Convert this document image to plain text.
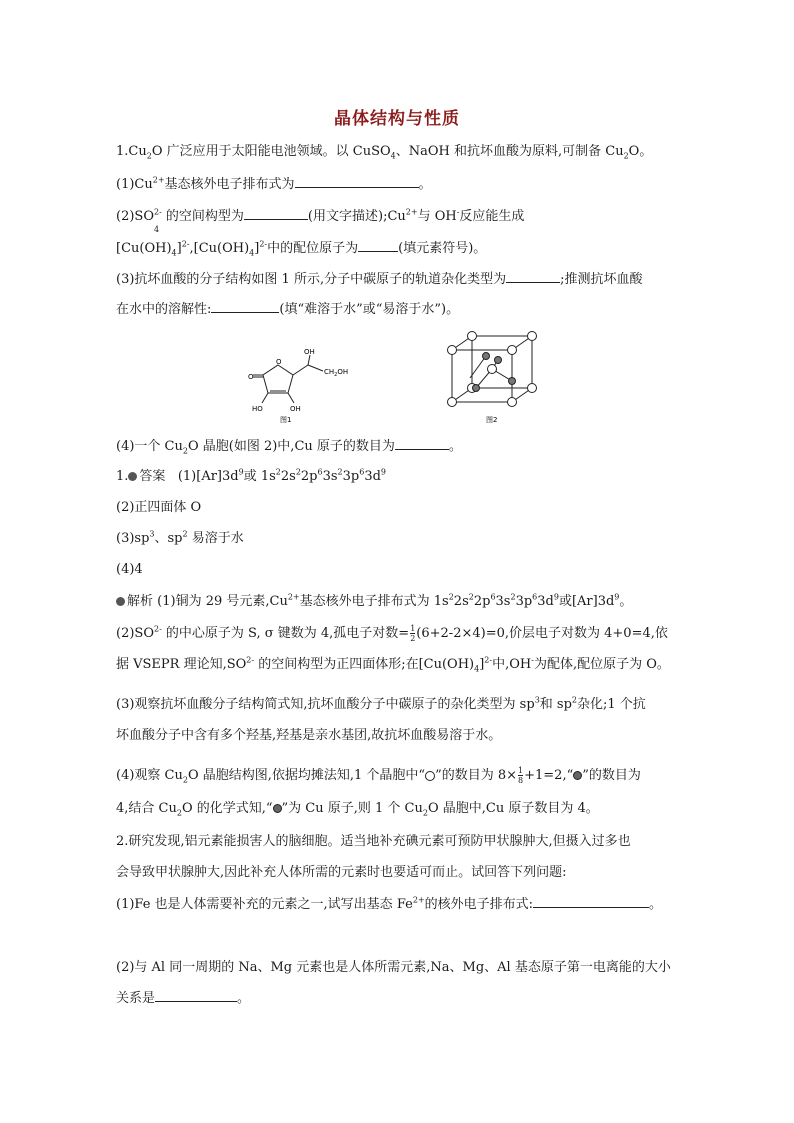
晶体结构与性质
$1.Cu_2O$ 广泛应用于太阳能电池领域。以 CuSO$_4$、NaOH 和抗坏血酸为原料,可制备 $Cu_2O$。
$(1)Cu^{2+}$基态核外电子排布式为	。
$(2)SO^{2-}$
4
的空间构型为	(用文字描述)$;Cu^{2+}$与 OH-反应能生成
$[Cu(OH)_4]^{2-},[Cu(OH)_4]^{2-}$中的配位原子为	(填元素符号)。
(3)抗坏血酸的分子结构如图 1 所示,分子中碳原子的轨道杂化类型为	;推测抗坏血酸
在水中的溶解性:	(填“难溶于水”或“易溶于水”)。
O
O
OH
$CH_2OH$
HO	OH
图1	图2
(4)一个 $Cu_2O$ 晶胞(如图 2)中,Cu 原子的数目为	。
1. 答案 $(1)[Ar]3d^9$或 $1s^22s^22p^63s^23p^63d^9$
(2)正四面体 O
$(3)sp^3$、$sp^2$ 易溶于水
(4)4
解析 (1)铜为 29 号元素$,Cu^{2+}$基态核外电子排布式为 $1s^22s^22p^63s^23p^63d^9$或$[Ar]3d^9$。
$(2)SO^{2-}$ 的中心原子为 S, σ 键数为 4,孤电子对数= $\frac{1}{2} (6+2-2\times 4)=0$,价层电子对数为 4+0=4,依
据 VSEPR 理论知$,SO^{2-}$ 的空间构型为正四面体形;在$[Cu(OH)_4]^{2-}$中,OH-为配体,配位原子为 O。
(3)观察抗坏血酸分子结构简式知,抗坏血酸分子中碳原子的杂化类型为 $sp^3$和 $sp^2$杂化;1 个抗
坏血酸分子中含有多个羟基,羟基是亲水基团,故抗坏血酸易溶于水。
(4)观察 $Cu_2O$ 晶胞结构图,依据均摊法知,1 个晶胞中“ ”的数目为 $8\times \frac{1}{8}$ +1=2,“ ”的数目为
4,结合 $Cu_2O$ 的化学式知,“ ”为 Cu 原子,则 1 个 $Cu_2O$ 晶胞中,Cu 原子数目为 4。
2.研究发现,铝元素能损害人的脑细胞。适当地补充碘元素可预防甲状腺肿大,但摄入过多也
会导致甲状腺肿大,因此补充人体所需的元素时也要适可而止。试回答下列问题:
(1)Fe 也是人体需要补充的元素之一,试写出基态 $Fe^{2+}$的核外电子排布式:	。
(2)与 Al 同一周期的 Na、Mg 元素也是人体所需元素,Na、Mg、Al 基态原子第一电离能的大小
关系是	。
